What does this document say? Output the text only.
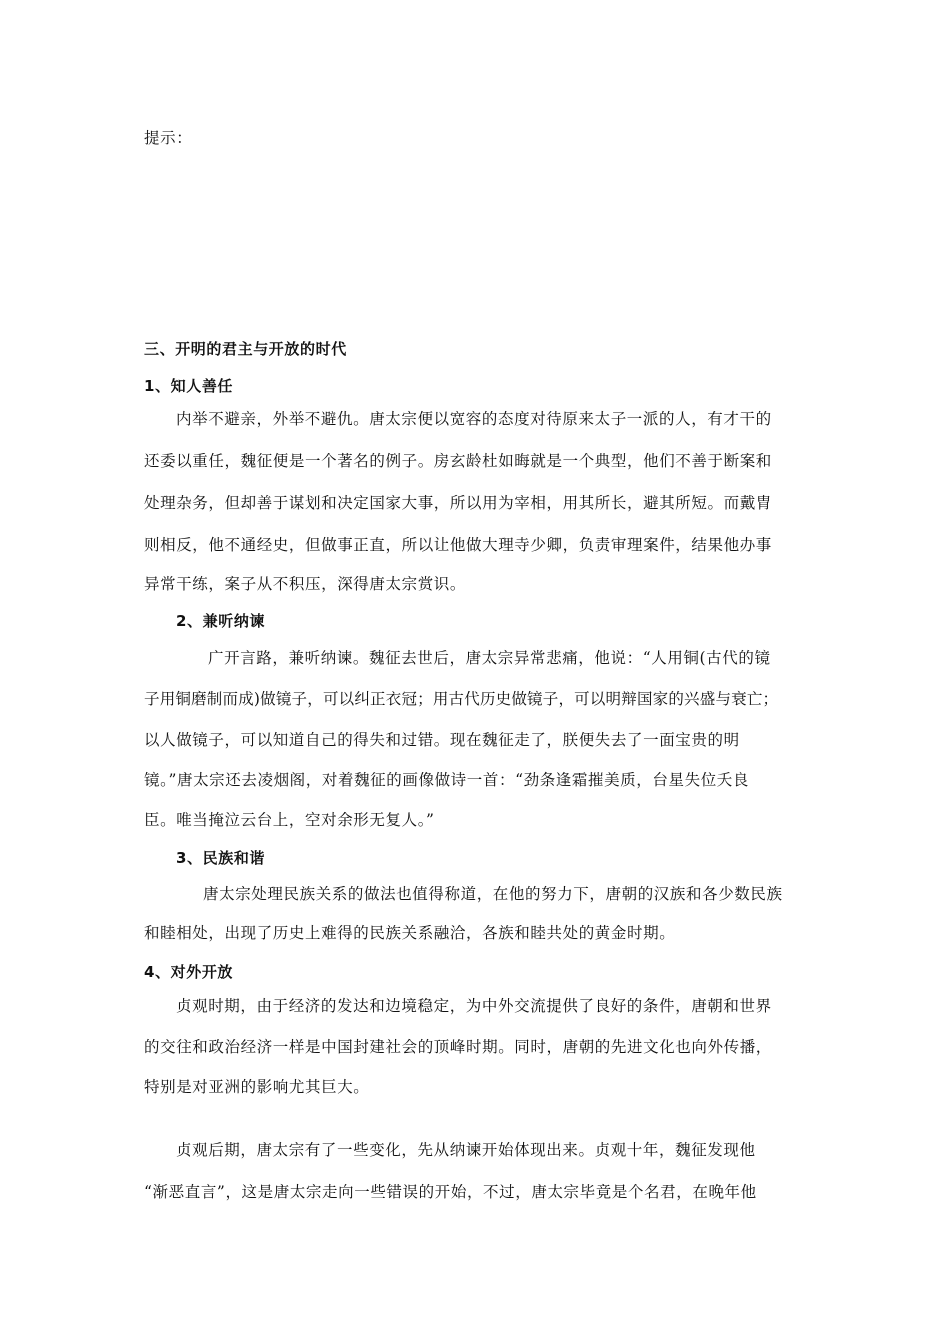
提示：
三、开明的君主与开放的时代
1、知人善任
内举不避亲，外举不避仇。唐太宗便以宽容的态度对待原来太子一派的人，有才干的
还委以重任，魏征便是一个著名的例子。房玄龄杜如晦就是一个典型，他们不善于断案和
处理杂务，但却善于谋划和决定国家大事，所以用为宰相，用其所长，避其所短。而戴胄
则相反，他不通经史，但做事正直，所以让他做大理寺少卿，负责审理案件，结果他办事
异常干练，案子从不积压，深得唐太宗赏识。
2、兼听纳谏
广开言路，兼听纳谏。魏征去世后，唐太宗异常悲痛，他说：“人用铜(古代的镜
子用铜磨制而成)做镜子，可以纠正衣冠；用古代历史做镜子，可以明辩国家的兴盛与衰亡；
以人做镜子，可以知道自己的得失和过错。现在魏征走了，朕便失去了一面宝贵的明
镜。”唐太宗还去凌烟阁，对着魏征的画像做诗一首：“劲条逢霜摧美质，台星失位夭良
臣。唯当掩泣云台上，空对余形无复人。”
3、民族和谐
唐太宗处理民族关系的做法也值得称道，在他的努力下，唐朝的汉族和各少数民族
和睦相处，出现了历史上难得的民族关系融洽，各族和睦共处的黄金时期。
4、对外开放
贞观时期，由于经济的发达和边境稳定，为中外交流提供了良好的条件，唐朝和世界
的交往和政治经济一样是中国封建社会的顶峰时期。同时，唐朝的先进文化也向外传播，
特别是对亚洲的影响尤其巨大。
贞观后期，唐太宗有了一些变化，先从纳谏开始体现出来。贞观十年，魏征发现他
“渐恶直言”，这是唐太宗走向一些错误的开始，不过，唐太宗毕竟是个名君，在晚年他
